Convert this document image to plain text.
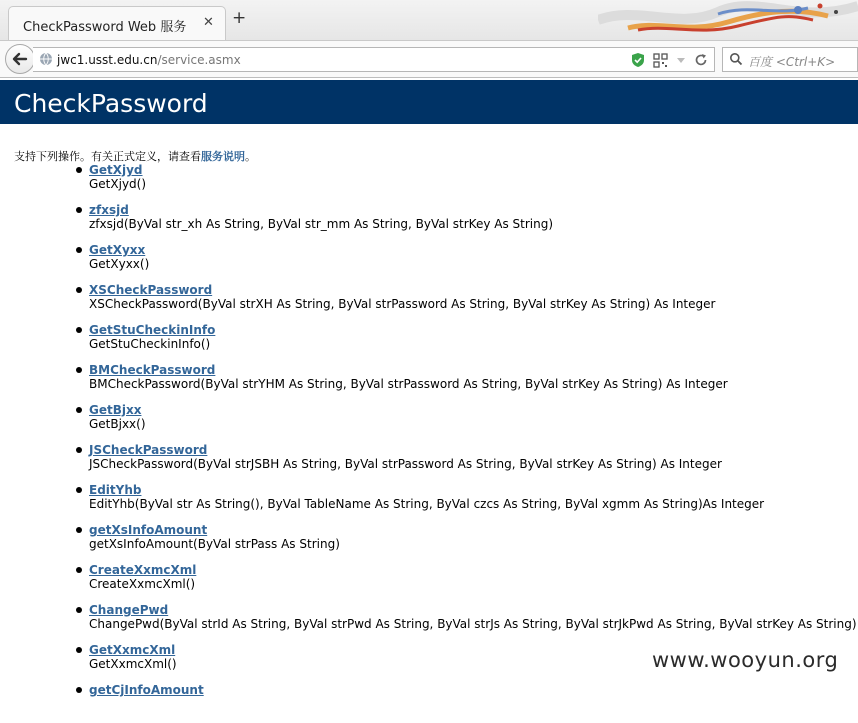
CheckPassword Web 服务 ✕ +
jwc1.usst.edu.cn/service.asmx	百度 <Ctrl+K>
CheckPassword

支持下列操作。有关正式定义，请查看服务说明。

GetXjyd
GetXjyd()
zfxsjd
zfxsjd(ByVal str_xh As String, ByVal str_mm As String, ByVal strKey As String)
GetXyxx
GetXyxx()
XSCheckPassword
XSCheckPassword(ByVal strXH As String, ByVal strPassword As String, ByVal strKey As String) As Integer
GetStuCheckinInfo
GetStuCheckinInfo()
BMCheckPassword
BMCheckPassword(ByVal strYHM As String, ByVal strPassword As String, ByVal strKey As String) As Integer
GetBjxx
GetBjxx()
JSCheckPassword
JSCheckPassword(ByVal strJSBH As String, ByVal strPassword As String, ByVal strKey As String) As Integer
EditYhb
EditYhb(ByVal str As String(), ByVal TableName As String, ByVal czcs As String, ByVal xgmm As String)As Integer
getXsInfoAmount
getXsInfoAmount(ByVal strPass As String)
CreateXxmcXml
CreateXxmcXml()
ChangePwd
ChangePwd(ByVal strId As String, ByVal strPwd As String, ByVal strJs As String, ByVal strJkPwd As String, ByVal strKey As String)
GetXxmcXml
GetXxmcXml()
getCjInfoAmount
www.wooyun.org
